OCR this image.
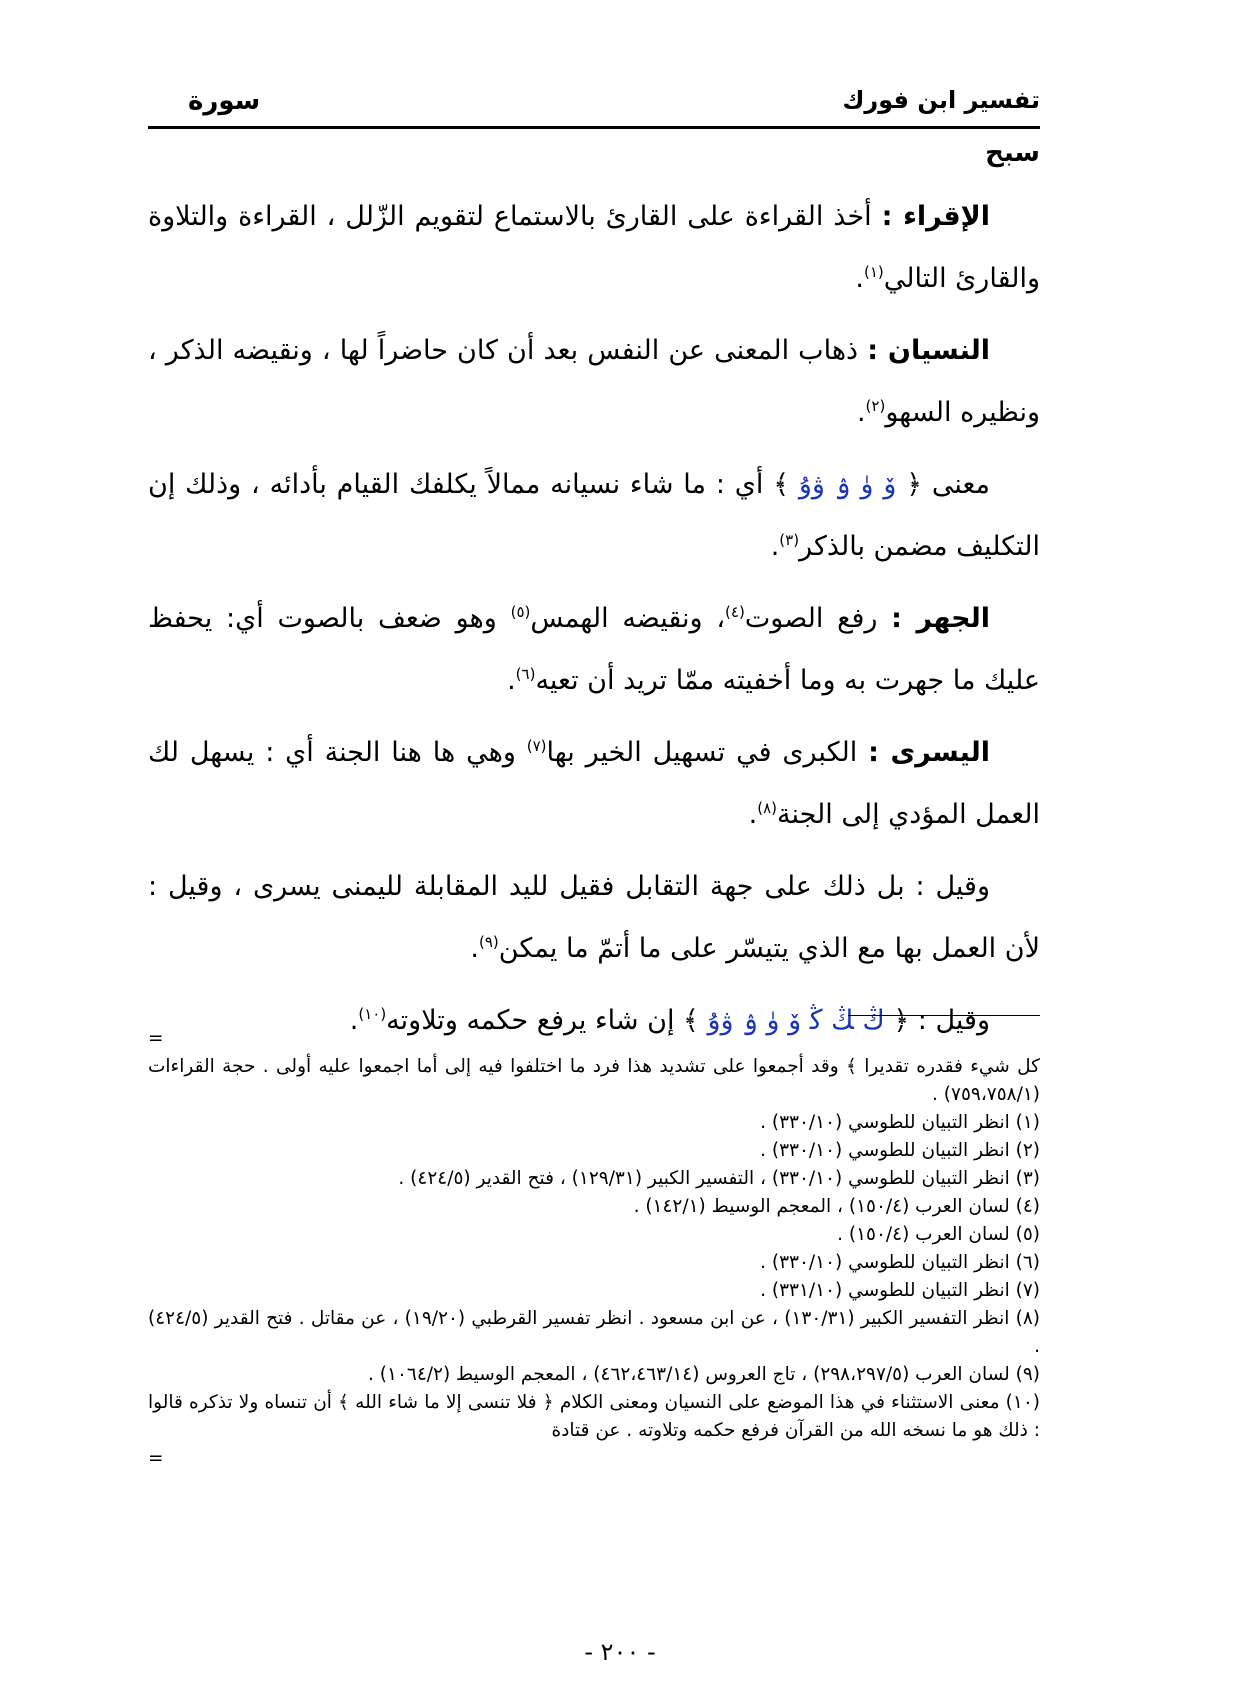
تفسير ابن فورك
سورة
سبح

الإقراء : أخذ القراءة على القارئ بالاستماع لتقويم الزّلل ، القراءة والتلاوة والقارئ التالي$^{(١)}$.

النسيان : ذهاب المعنى عن النفس بعد أن كان حاضراً لها ، ونقيضه الذكر ، ونظيره السهو$^{(٢)}$.

معنى ﴿ ۆ ۈ ۉ ۋۇ ﴾ أي : ما شاء نسيانه ممالاً يكلفك القيام بأدائه ، وذلك إن التكليف مضمن بالذكر$^{(٣)}$.

الجهر : رفع الصوت$^{(٤)}$، ونقيضه الهمس$^{(٥)}$ وهو ضعف بالصوت أي: يحفظ عليك ما جهرت به وما أخفيته ممّا تريد أن تعيه$^{(٦)}$.

اليسرى : الكبرى في تسهيل الخير بها$^{(٧)}$ وهي ها هنا الجنة أي : يسهل لك العمل المؤدي إلى الجنة$^{(٨)}$.

وقيل : بل ذلك على جهة التقابل فقيل لليد المقابلة لليمنى يسرى ، وقيل : لأن العمل بها مع الذي يتيسّر على ما أتمّ ما يمكن$^{(٩)}$.

وقيل : ﴿ ﯓ ﯔ ﯕ ۆ ۈ ۉ ۋۇ ﴾ إن شاء يرفع حكمه وتلاوته$^{(١٠)}$.

=
كل شيء فقدره تقديرا ﴾ وقد أجمعوا على تشديد هذا فرد ما اختلفوا فيه إلى أما اجمعوا عليه أولى . حجة القراءات (٧٥٩،٧٥٨/١) .
(١) انظر التبيان للطوسي (٣٣٠/١٠) .
(٢) انظر التبيان للطوسي (٣٣٠/١٠) .
(٣) انظر التبيان للطوسي (٣٣٠/١٠) ، التفسير الكبير (١٢٩/٣١) ، فتح القدير (٤٢٤/٥) .
(٤) لسان العرب (١٥٠/٤) ، المعجم الوسيط (١٤٢/١) .
(٥) لسان العرب (١٥٠/٤) .
(٦) انظر التبيان للطوسي (٣٣٠/١٠) .
(٧) انظر التبيان للطوسي (٣٣١/١٠) .
(٨) انظر التفسير الكبير (١٣٠/٣١) ، عن ابن مسعود . انظر تفسير القرطبي (١٩/٢٠) ، عن مقاتل . فتح القدير (٤٢٤/٥) .
(٩) لسان العرب (٢٩٨،٢٩٧/٥) ، تاج العروس (٤٦٢،٤٦٣/١٤) ، المعجم الوسيط (١٠٦٤/٢) .
(١٠) معنى الاستثناء في هذا الموضع على النسيان ومعنى الكلام ﴿ فلا تنسى إلا ما شاء الله ﴾ أن تنساه ولا تذكره قالوا : ذلك هو ما نسخه الله من القرآن فرفع حكمه وتلاوته . عن قتادة
=
- ٢٠٠ -
